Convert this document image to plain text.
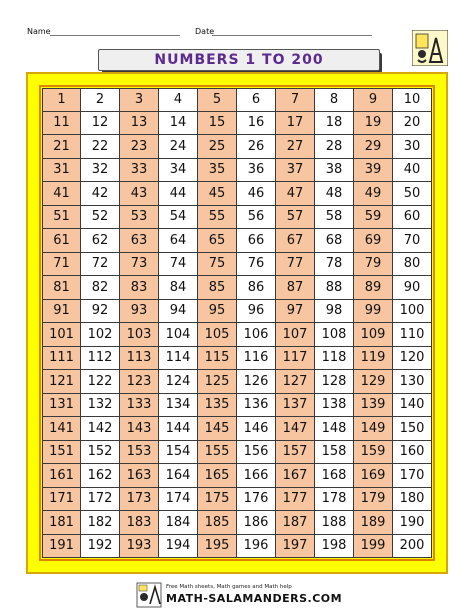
Name	Date
NUMBERS 1 TO 200
1	2	3	4	5	6	7	8	9	10
11	12	13	14	15	16	17	18	19	20
21	22	23	24	25	26	27	28	29	30
31	32	33	34	35	36	37	38	39	40
41	42	43	44	45	46	47	48	49	50
51	52	53	54	55	56	57	58	59	60
61	62	63	64	65	66	67	68	69	70
71	72	73	74	75	76	77	78	79	80
81	82	83	84	85	86	87	88	89	90
91	92	93	94	95	96	97	98	99	100
101	102	103	104	105	106	107	108	109	110
111	112	113	114	115	116	117	118	119	120
121	122	123	124	125	126	127	128	129	130
131	132	133	134	135	136	137	138	139	140
141	142	143	144	145	146	147	148	149	150
151	152	153	154	155	156	157	158	159	160
161	162	163	164	165	166	167	168	169	170
171	172	173	174	175	176	177	178	179	180
181	182	183	184	185	186	187	188	189	190
191	192	193	194	195	196	197	198	199	200
Free Math sheets, Math games and Math help
MATH-SALAMANDERS.COM
